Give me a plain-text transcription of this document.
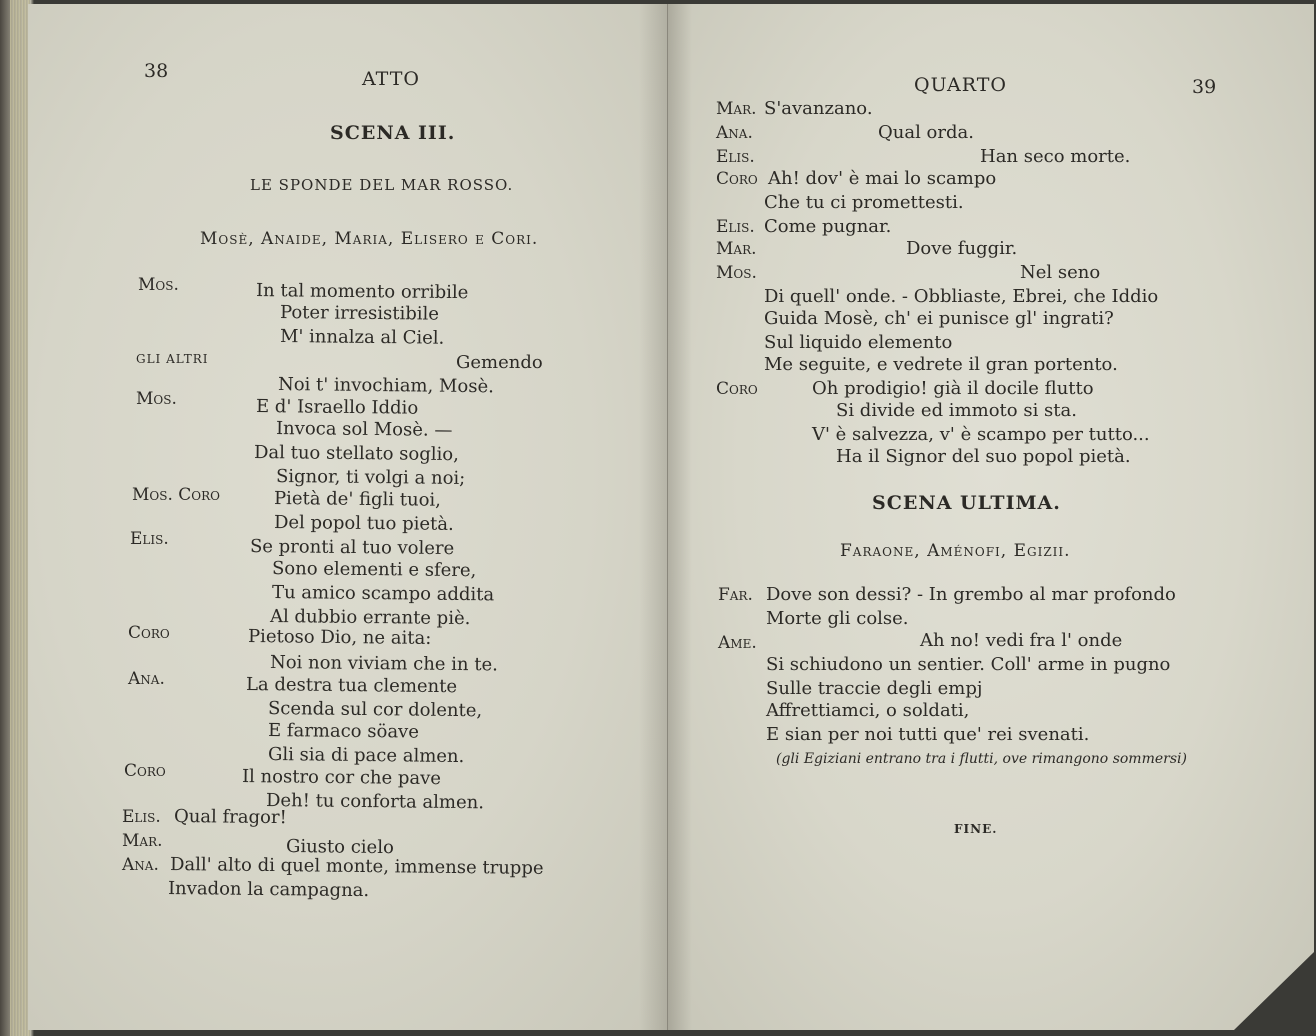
38	ATTO
SCENA III.
LE SPONDE DEL MAR ROSSO.
Mosè, Anaide, Maria, Elisero e Cori.
Mos.	In tal momento orribile
Poter irresistibile
M' innalza al Ciel.
GLI ALTRI	Gemendo
Noi t' invochiam, Mosè.
Mos.	E d' Israello Iddio
Invoca sol Mosè. —
Dal tuo stellato soglio,
Signor, ti volgi a noi;
Mos. Coro	Pietà de' figli tuoi,
Del popol tuo pietà.
Elis.	Se pronti al tuo volere
Sono elementi e sfere,
Tu amico scampo addita
Al dubbio errante piè.
Coro	Pietoso Dio, ne aita:
Noi non viviam che in te.
Ana.	La destra tua clemente
Scenda sul cor dolente,
E farmaco söave
Gli sia di pace almen.
Coro	Il nostro cor che pave
Deh! tu conforta almen.
Elis. Qual fragor!
Mar.	Giusto cielo
Ana. Dall' alto di quel monte, immense truppe
Invadon la campagna.
QUARTO	39
Mar. S'avanzano.
Ana.	Qual orda.
Elis.	Han seco morte.
Coro Ah! dov' è mai lo scampo
Che tu ci promettesti.
Elis. Come pugnar.
Mar.	Dove fuggir.
Mos.	Nel seno
Di quell' onde. - Obbliaste, Ebrei, che Iddio
Guida Mosè, ch' ei punisce gl' ingrati?
Sul liquido elemento
Me seguite, e vedrete il gran portento.
Coro	Oh prodigio! già il docile flutto
Si divide ed immoto si sta.
V' è salvezza, v' è scampo per tutto...
Ha il Signor del suo popol pietà.
SCENA ULTIMA.
Faraone, Aménofi, Egizii.
Far. Dove son dessi? - In grembo al mar profondo
Morte gli colse.
Ame.	Ah no! vedi fra l' onde
Si schiudono un sentier. Coll' arme in pugno
Sulle traccie degli empj
Affrettiamci, o soldati,
E sian per noi tutti que' rei svenati.
(gli Egiziani entrano tra i flutti, ove rimangono sommersi)
FINE.
